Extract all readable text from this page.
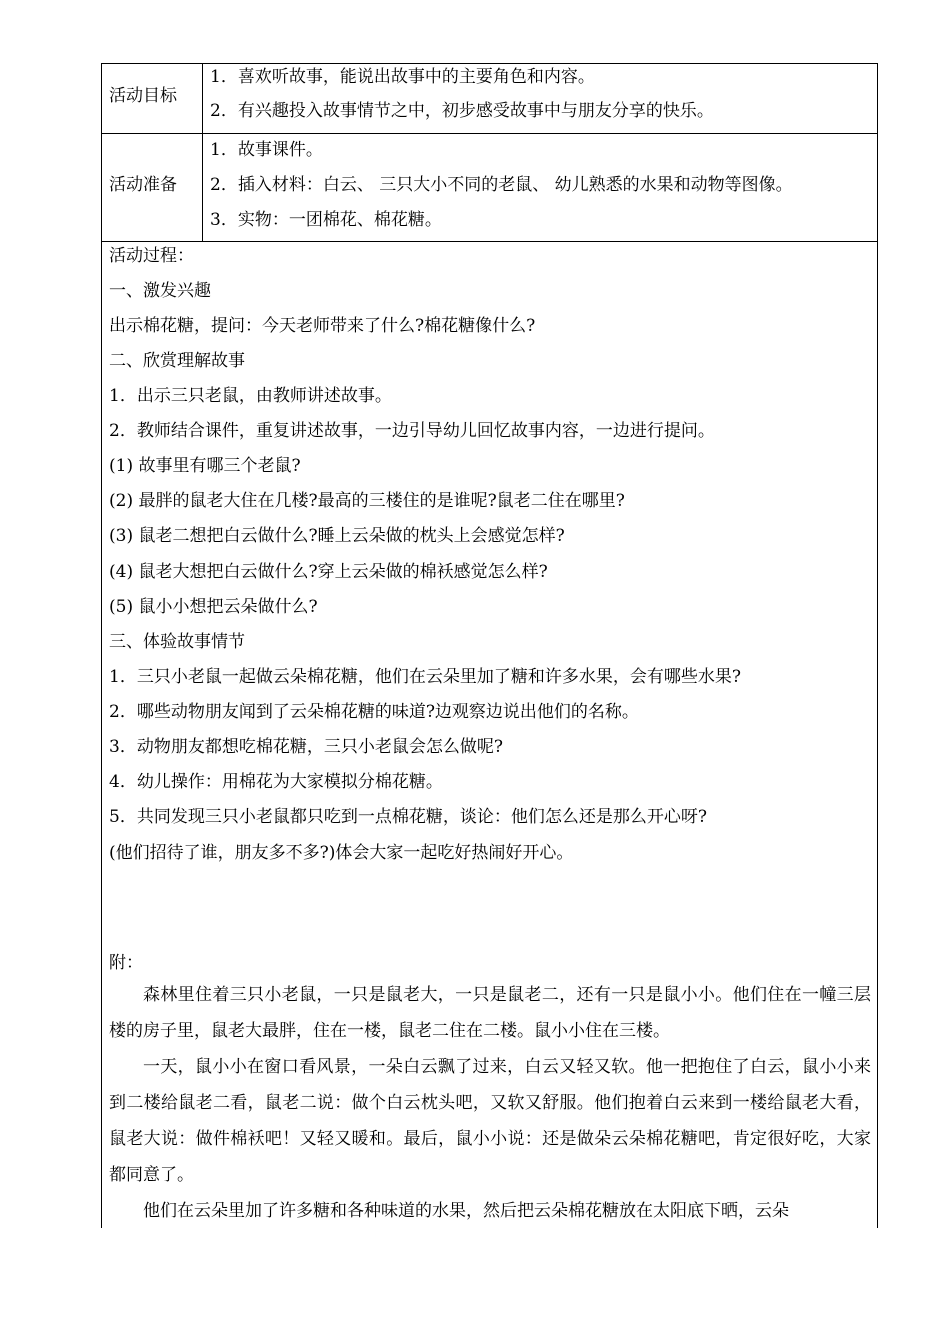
活动目标
1．喜欢听故事，能说出故事中的主要角色和内容。
2．有兴趣投入故事情节之中，初步感受故事中与朋友分享的快乐。
活动准备
1．故事课件。
2．插入材料：白云、 三只大小不同的老鼠、 幼儿熟悉的水果和动物等图像。
3．实物：一团棉花、棉花糖。
活动过程：
一、激发兴趣
出示棉花糖，提问：今天老师带来了什么?棉花糖像什么?
二、欣赏理解故事
1．出示三只老鼠，由教师讲述故事。
2．教师结合课件，重复讲述故事，一边引导幼儿回忆故事内容，一边进行提问。
(1) 故事里有哪三个老鼠?
(2) 最胖的鼠老大住在几楼?最高的三楼住的是谁呢?鼠老二住在哪里?
(3) 鼠老二想把白云做什么?睡上云朵做的枕头上会感觉怎样?
(4) 鼠老大想把白云做什么?穿上云朵做的棉袄感觉怎么样?
(5) 鼠小小想把云朵做什么?
三、体验故事情节
1．三只小老鼠一起做云朵棉花糖，他们在云朵里加了糖和许多水果，会有哪些水果?
2．哪些动物朋友闻到了云朵棉花糖的味道?边观察边说出他们的名称。
3．动物朋友都想吃棉花糖，三只小老鼠会怎么做呢?
4．幼儿操作：用棉花为大家模拟分棉花糖。
5．共同发现三只小老鼠都只吃到一点棉花糖，谈论：他们怎么还是那么开心呀?
(他们招待了谁，朋友多不多?)体会大家一起吃好热闹好开心。
附：

森林里住着三只小老鼠，一只是鼠老大，一只是鼠老二，还有一只是鼠小小。他们住在一幢三层楼的房子里，鼠老大最胖，住在一楼，鼠老二住在二楼。鼠小小住在三楼。

一天，鼠小小在窗口看风景，一朵白云飘了过来，白云又轻又软。他一把抱住了白云，鼠小小来到二楼给鼠老二看，鼠老二说：做个白云枕头吧，又软又舒服。他们抱着白云来到一楼给鼠老大看，鼠老大说：做件棉袄吧！又轻又暖和。最后，鼠小小说：还是做朵云朵棉花糖吧，肯定很好吃，大家都同意了。

他们在云朵里加了许多糖和各种味道的水果，然后把云朵棉花糖放在太阳底下晒，云朵
